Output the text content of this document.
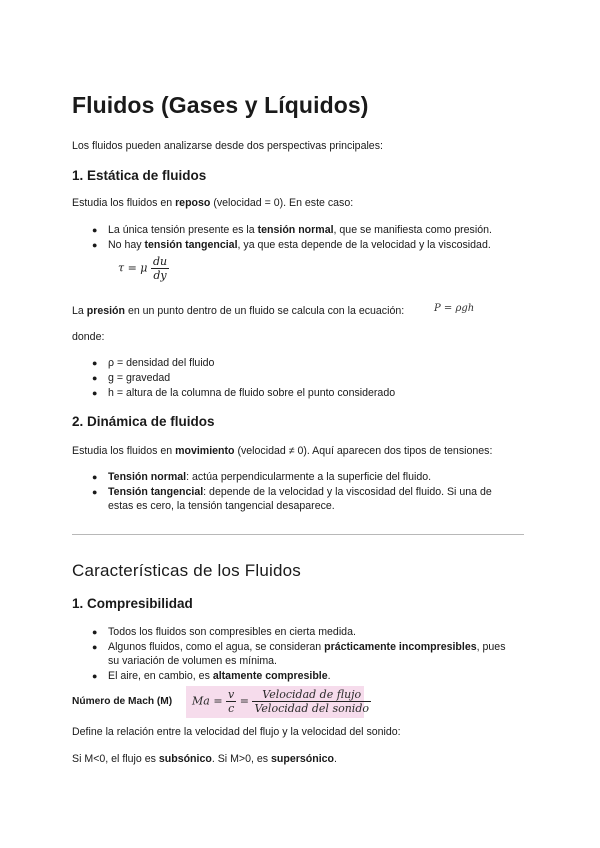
Fluidos (Gases y Líquidos)
Los fluidos pueden analizarse desde dos perspectivas principales:
1. Estática de fluidos
Estudia los fluidos en reposo (velocidad = 0). En este caso:
● La única tensión presente es la tensión normal, que se manifiesta como presión.
● No hay tensión tangencial, ya que esta depende de la velocidad y la viscosidad.
τ = μ $\frac{du}{dy}$
La presión en un punto dentro de un fluido se calcula con la ecuación:	P = ρgh
donde:
● ρ = densidad del fluido
● g = gravedad
● h = altura de la columna de fluido sobre el punto considerado
2. Dinámica de fluidos
Estudia los fluidos en movimiento (velocidad ≠ 0). Aquí aparecen dos tipos de tensiones:
● Tensión normal: actúa perpendicularmente a la superficie del fluido.
● Tensión tangencial: depende de la velocidad y la viscosidad del fluido. Si una de
estas es cero, la tensión tangencial desaparece.
Características de los Fluidos
1. Compresibilidad
● Todos los fluidos son compresibles en cierta medida.
● Algunos fluidos, como el agua, se consideran prácticamente incompresibles, pues
su variación de volumen es mínima.
● El aire, en cambio, es altamente compresible.
Número de Mach (M) $Ma = \frac{v}{c} = \frac{\text{Velocidad de flujo}}{\text{Velocidad del sonido}}$
Define la relación entre la velocidad del flujo y la velocidad del sonido:
Si M<0, el flujo es subsónico. Si M>0, es supersónico.
